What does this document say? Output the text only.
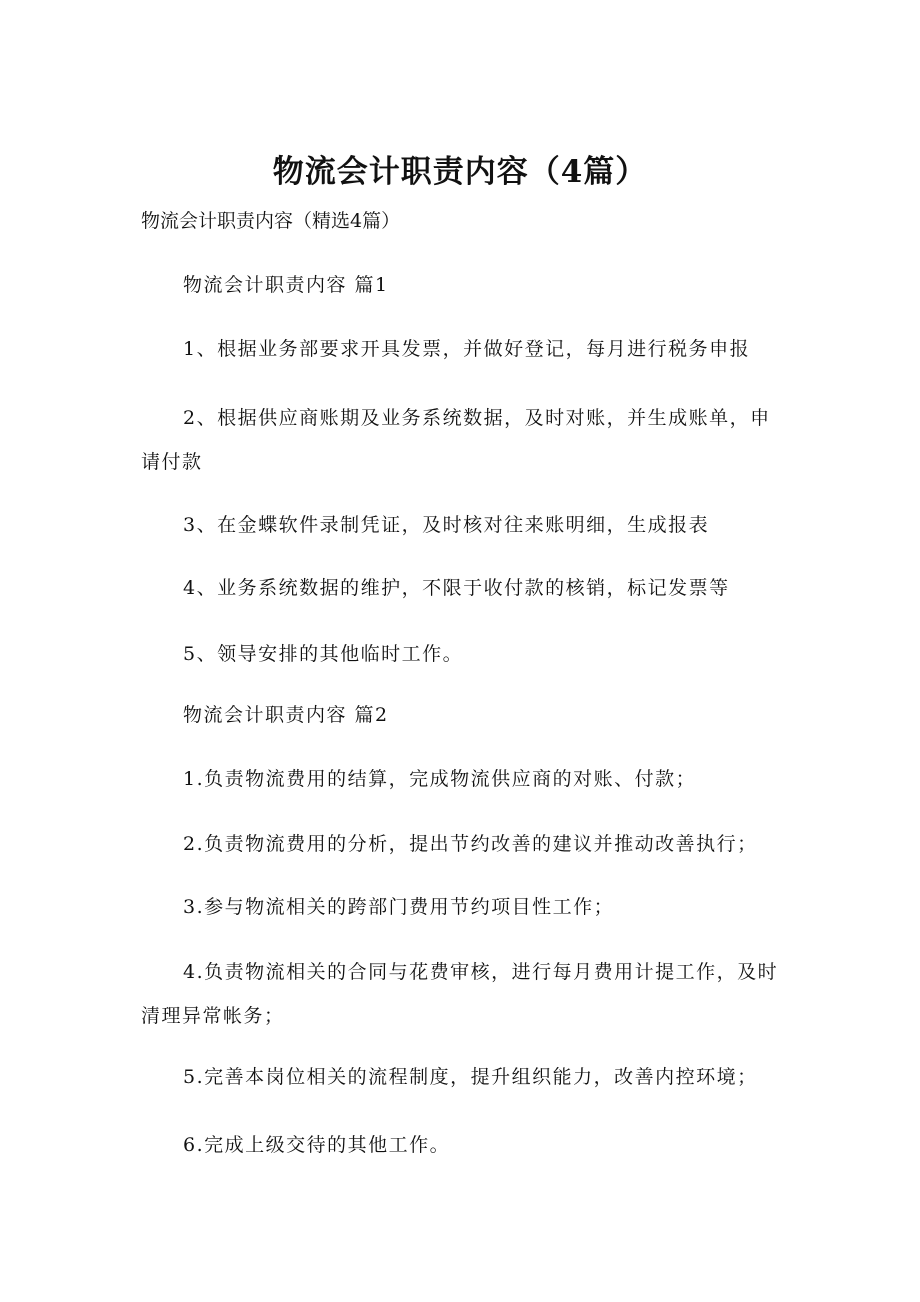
物流会计职责内容（4篇）

物流会计职责内容（精选4篇）

物流会计职责内容 篇1

1、根据业务部要求开具发票，并做好登记，每月进行税务申报

2、根据供应商账期及业务系统数据，及时对账，并生成账单，申请付款

3、在金蝶软件录制凭证，及时核对往来账明细，生成报表

4、业务系统数据的维护，不限于收付款的核销，标记发票等

5、领导安排的其他临时工作。

物流会计职责内容 篇2

1.负责物流费用的结算，完成物流供应商的对账、付款；

2.负责物流费用的分析，提出节约改善的建议并推动改善执行；

3.参与物流相关的跨部门费用节约项目性工作；

4.负责物流相关的合同与花费审核，进行每月费用计提工作，及时清理异常帐务；

5.完善本岗位相关的流程制度，提升组织能力，改善内控环境；

6.完成上级交待的其他工作。
